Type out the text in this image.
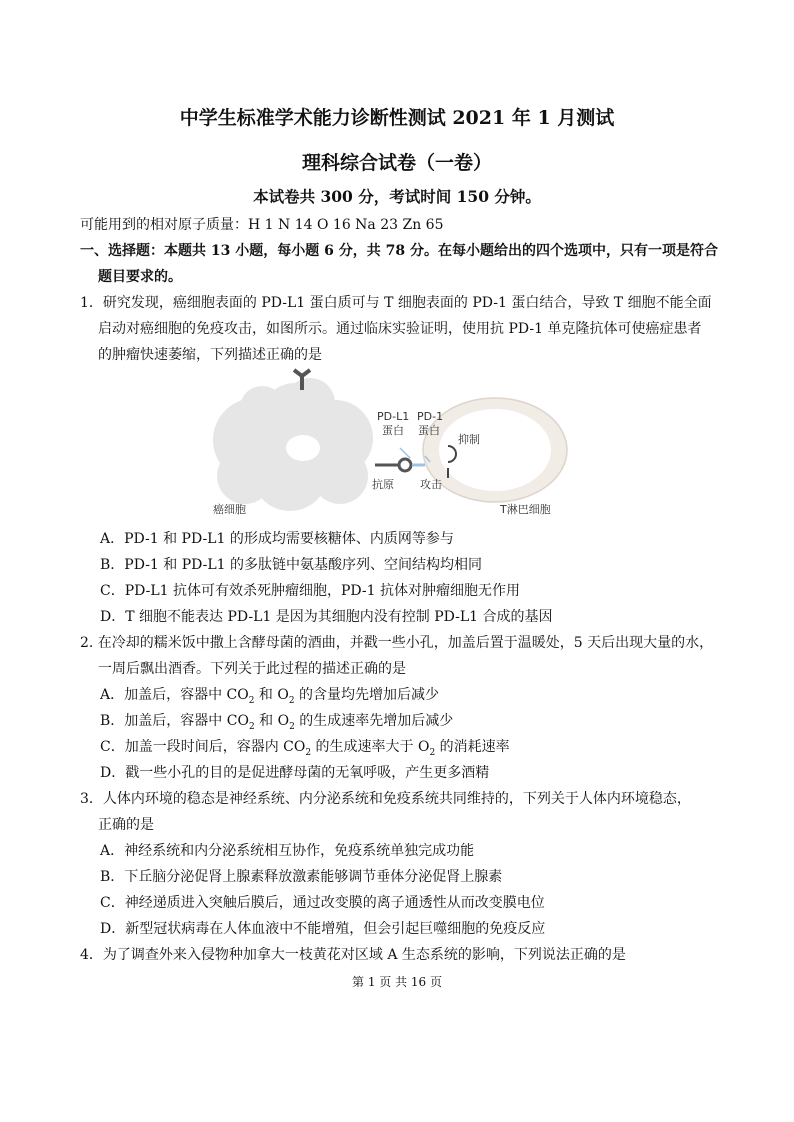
中学生标准学术能力诊断性测试 2021 年 1 月测试
理科综合试卷（一卷）
本试卷共 300 分，考试时间 150 分钟。
可能用到的相对原子质量：H 1 N 14 O 16 Na 23 Zn 65
一、选择题：本题共 13 小题，每小题 6 分，共 78 分。在每小题给出的四个选项中，只有一项是符合
题目要求的。
1．研究发现，癌细胞表面的 PD-L1 蛋白质可与 T 细胞表面的 PD-1 蛋白结合，导致 T 细胞不能全面
启动对癌细胞的免疫攻击，如图所示。通过临床实验证明，使用抗 PD-1 单克隆抗体可使癌症患者
的肿瘤快速萎缩，下列描述正确的是
PD-L1
蛋白
PD-1
蛋白
抑制
抗原 攻击
癌细胞	T淋巴细胞
A．PD-1 和 PD-L1 的形成均需要核糖体、内质网等参与
B．PD-1 和 PD-L1 的多肽链中氨基酸序列、空间结构均相同
C．PD-L1 抗体可有效杀死肿瘤细胞，PD-1 抗体对肿瘤细胞无作用
D．T 细胞不能表达 PD-L1 是因为其细胞内没有控制 PD-L1 合成的基因
2. 在冷却的糯米饭中撒上含酵母菌的酒曲，并戳一些小孔，加盖后置于温暖处，5 天后出现大量的水，
一周后飘出酒香。下列关于此过程的描述正确的是
A．加盖后，容器中 $CO_2$ 和 $O_2$ 的含量均先增加后减少
B．加盖后，容器中 $CO_2$ 和 $O_2$ 的生成速率先增加后减少
C．加盖一段时间后，容器内 $CO_2$ 的生成速率大于 $O_2$ 的消耗速率
D．戳一些小孔的目的是促进酵母菌的无氧呼吸，产生更多酒精
3．人体内环境的稳态是神经系统、内分泌系统和免疫系统共同维持的，下列关于人体内环境稳态，
正确的是
A．神经系统和内分泌系统相互协作，免疫系统单独完成功能
B．下丘脑分泌促肾上腺素释放激素能够调节垂体分泌促肾上腺素
C．神经递质进入突触后膜后，通过改变膜的离子通透性从而改变膜电位
D．新型冠状病毒在人体血液中不能增殖，但会引起巨噬细胞的免疫反应
4．为了调查外来入侵物种加拿大一枝黄花对区域 A 生态系统的影响，下列说法正确的是
第 1 页 共 16 页
